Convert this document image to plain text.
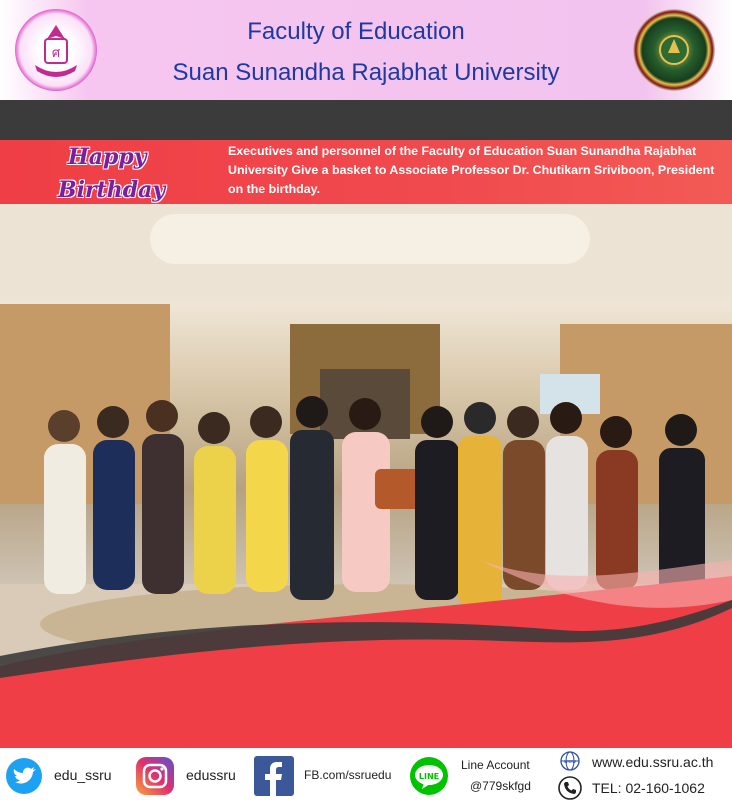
ศ
Faculty of Education
Suan Sunandha Rajabhat University
Happy
Birthday
Executives and personnel of the Faculty of Education Suan Sunandha Rajabhat University Give a basket to Associate Professor Dr. Chutikarn Sriviboon, President on the birthday.
edu_ssru	edussru	FB.com/ssruedu	LINE
Line Account
@779skfgd
www www.edu.ssru.ac.th
TEL: 02-160-1062
